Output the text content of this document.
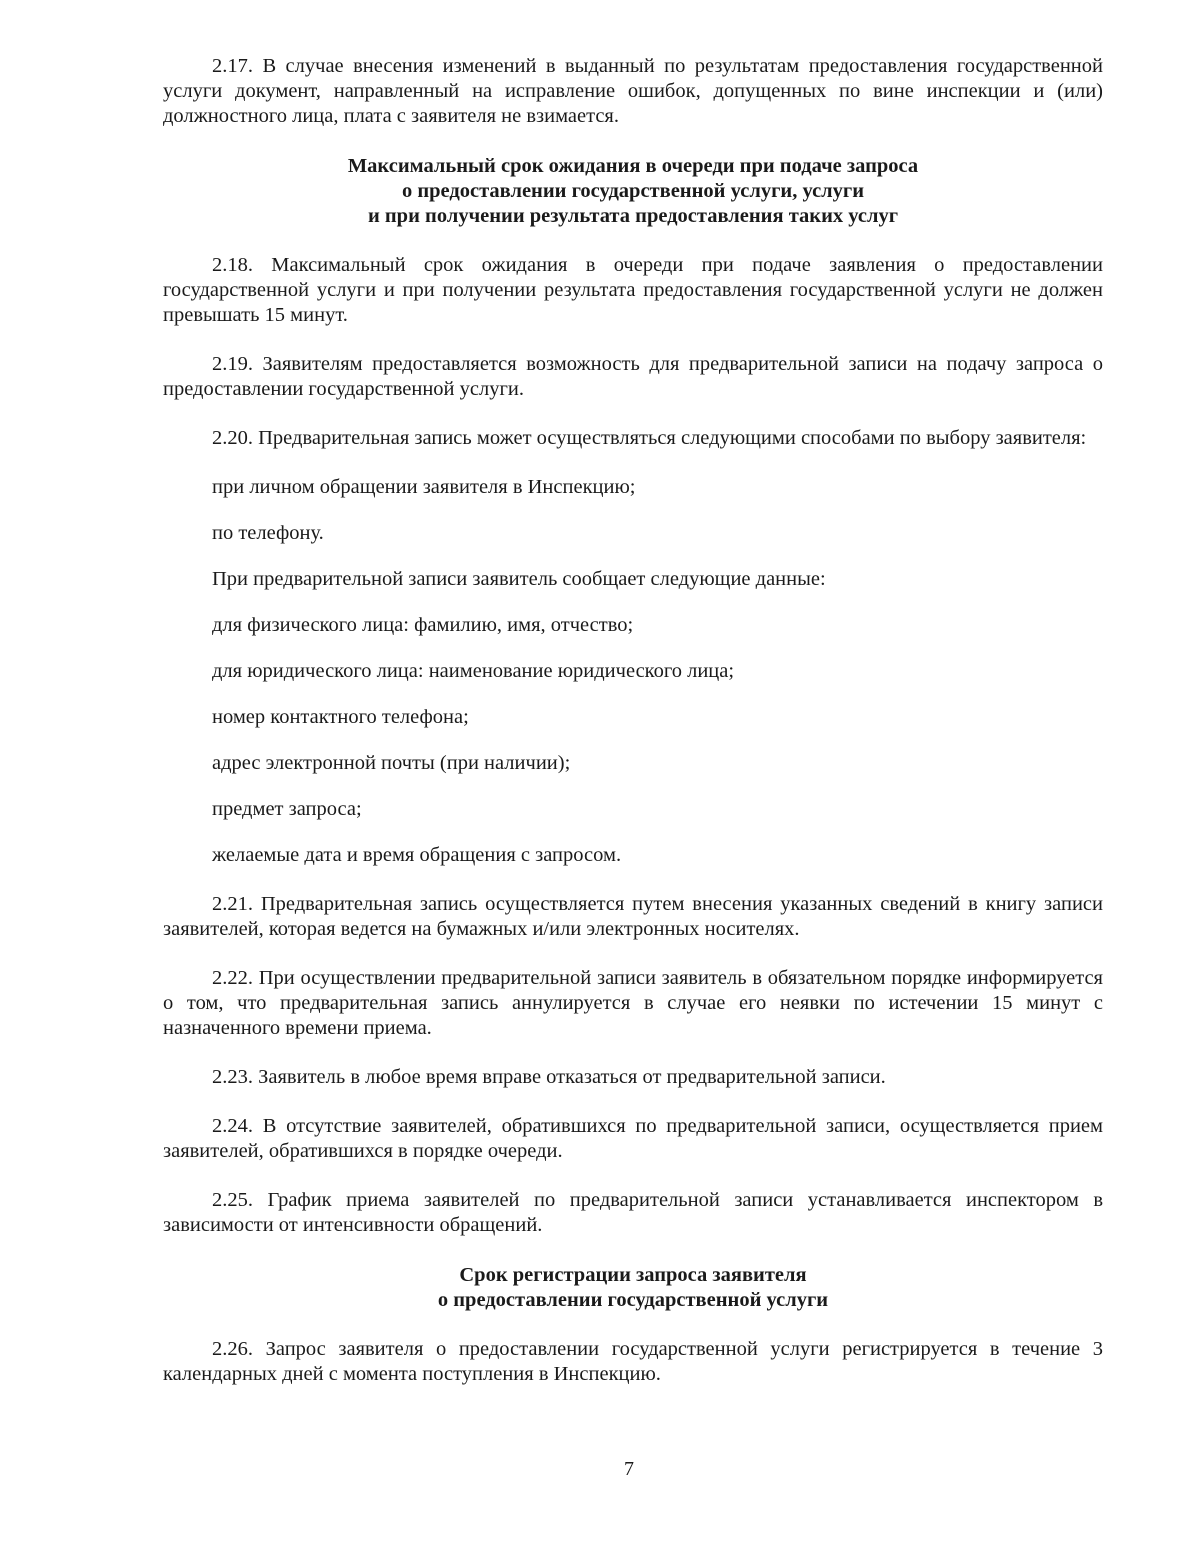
2.17. В случае внесения изменений в выданный по результатам предоставления государственной услуги документ, направленный на исправление ошибок, допущенных по вине инспекции и (или) должностного лица, плата с заявителя не взимается.

Максимальный срок ожидания в очереди при подаче запроса
о предоставлении государственной услуги, услуги
и при получении результата предоставления таких услуг

2.18. Максимальный срок ожидания в очереди при подаче заявления о предоставлении государственной услуги и при получении результата предоставления государственной услуги не должен превышать 15 минут.

2.19. Заявителям предоставляется возможность для предварительной записи на подачу запроса о предоставлении государственной услуги.

2.20. Предварительная запись может осуществляться следующими способами по выбору заявителя:

при личном обращении заявителя в Инспекцию;

по телефону.

При предварительной записи заявитель сообщает следующие данные:

для физического лица: фамилию, имя, отчество;

для юридического лица: наименование юридического лица;

номер контактного телефона;

адрес электронной почты (при наличии);

предмет запроса;

желаемые дата и время обращения с запросом.

2.21. Предварительная запись осуществляется путем внесения указанных сведений в книгу записи заявителей, которая ведется на бумажных и/или электронных носителях.

2.22. При осуществлении предварительной записи заявитель в обязательном порядке информируется о том, что предварительная запись аннулируется в случае его неявки по истечении 15 минут с назначенного времени приема.

2.23. Заявитель в любое время вправе отказаться от предварительной записи.

2.24. В отсутствие заявителей, обратившихся по предварительной записи, осуществляется прием заявителей, обратившихся в порядке очереди.

2.25. График приема заявителей по предварительной записи устанавливается инспектором в зависимости от интенсивности обращений.

Срок регистрации запроса заявителя
о предоставлении государственной услуги

2.26. Запрос заявителя о предоставлении государственной услуги регистрируется в течение 3 календарных дней с момента поступления в Инспекцию.

7
